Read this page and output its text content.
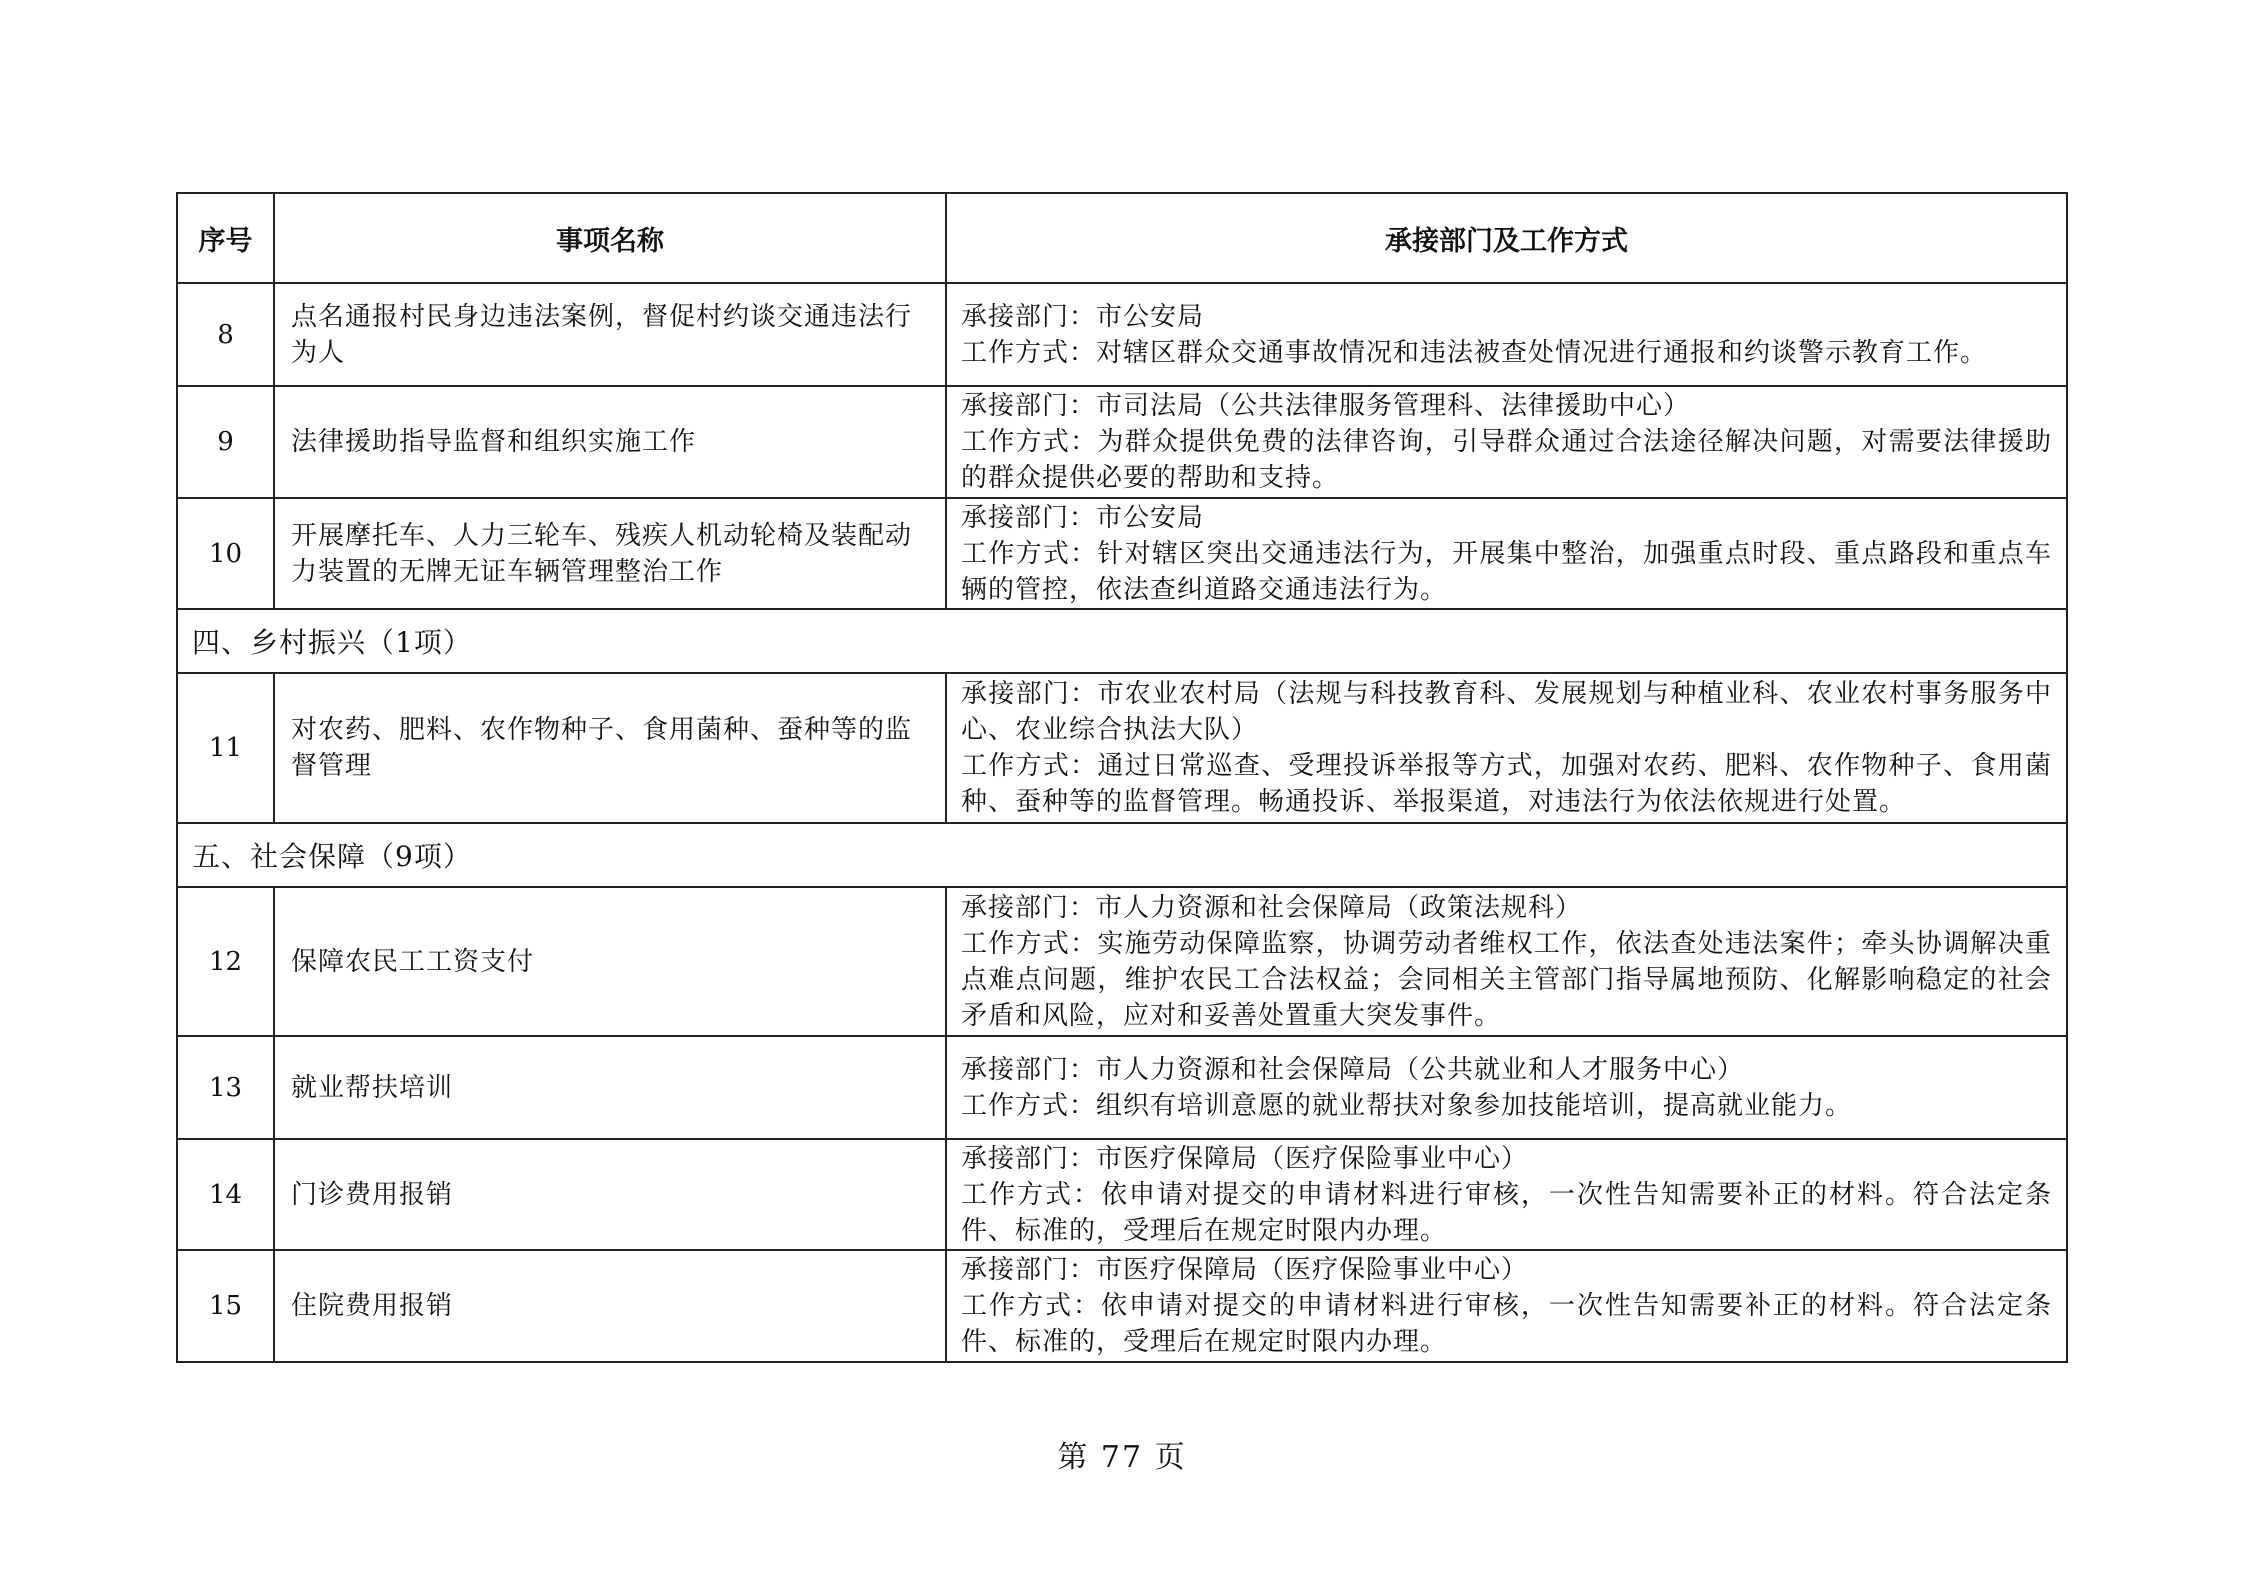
序号	事项名称	承接部门及工作方式
8	点名通报村民身边违法案例，督促村约谈交通违法行为人	承接部门：市公安局
工作方式：对辖区群众交通事故情况和违法被查处情况进行通报和约谈警示教育工作。

9	法律援助指导监督和组织实施工作	承接部门：市司法局（公共法律服务管理科、法律援助中心）
工作方式：为群众提供免费的法律咨询，引导群众通过合法途径解决问题，对需要法律援助的群众提供必要的帮助和支持。

10	开展摩托车、人力三轮车、残疾人机动轮椅及装配动力装置的无牌无证车辆管理整治工作	承接部门：市公安局
工作方式：针对辖区突出交通违法行为，开展集中整治，加强重点时段、重点路段和重点车辆的管控，依法查纠道路交通违法行为。

四、乡村振兴（1项）		
11	对农药、肥料、农作物种子、食用菌种、蚕种等的监督管理	承接部门：市农业农村局（法规与科技教育科、发展规划与种植业科、农业农村事务服务中心、农业综合执法大队）
工作方式：通过日常巡查、受理投诉举报等方式，加强对农药、肥料、农作物种子、食用菌种、蚕种等的监督管理。畅通投诉、举报渠道，对违法行为依法依规进行处置。

五、社会保障（9项）		
12	保障农民工工资支付	承接部门：市人力资源和社会保障局（政策法规科）
工作方式：实施劳动保障监察，协调劳动者维权工作，依法查处违法案件；牵头协调解决重点难点问题，维护农民工合法权益；会同相关主管部门指导属地预防、化解影响稳定的社会矛盾和风险，应对和妥善处置重大突发事件。

13	就业帮扶培训	承接部门：市人力资源和社会保障局（公共就业和人才服务中心）
工作方式：组织有培训意愿的就业帮扶对象参加技能培训，提高就业能力。

14	门诊费用报销	承接部门：市医疗保障局（医疗保险事业中心）
工作方式：依申请对提交的申请材料进行审核，一次性告知需要补正的材料。符合法定条件、标准的，受理后在规定时限内办理。

15	住院费用报销	承接部门：市医疗保障局（医疗保险事业中心）
工作方式：依申请对提交的申请材料进行审核，一次性告知需要补正的材料。符合法定条件、标准的，受理后在规定时限内办理。
第 77 页
